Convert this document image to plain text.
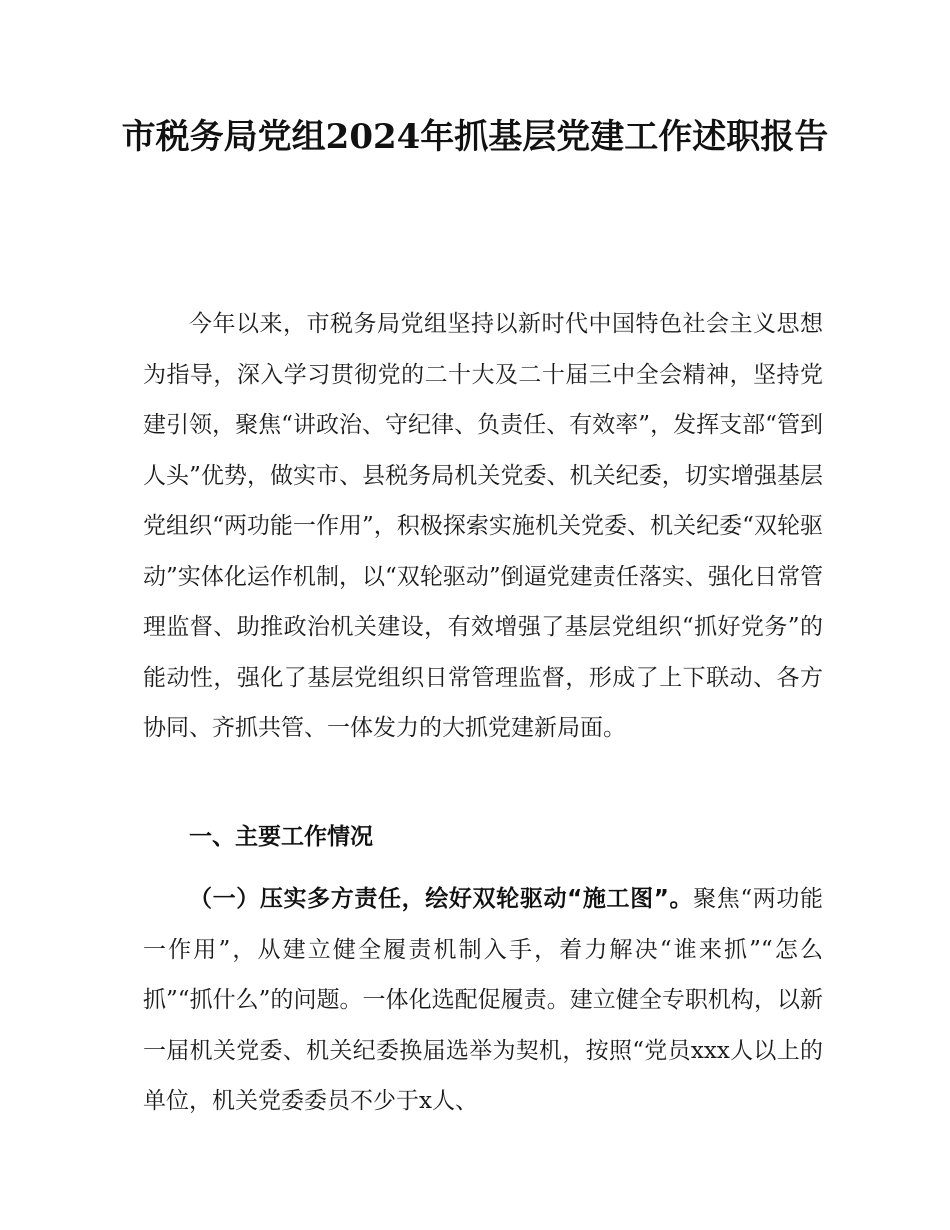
市税务局党组2024年抓基层党建工作述职报告

今年以来，市税务局党组坚持以新时代中国特色社会主义思想为指导，深入学习贯彻党的二十大及二十届三中全会精神，坚持党建引领，聚焦“讲政治、守纪律、负责任、有效率”，发挥支部“管到人头”优势，做实市、县税务局机关党委、机关纪委，切实增强基层党组织“两功能一作用”，积极探索实施机关党委、机关纪委“双轮驱动”实体化运作机制，以“双轮驱动”倒逼党建责任落实、强化日常管理监督、助推政治机关建设，有效增强了基层党组织“抓好党务”的能动性，强化了基层党组织日常管理监督，形成了上下联动、各方协同、齐抓共管、一体发力的大抓党建新局面。

一、主要工作情况

（一）压实多方责任，绘好双轮驱动“施工图”。聚焦“两功能一作用”，从建立健全履责机制入手，着力解决“谁来抓”“怎么抓”“抓什么”的问题。一体化选配促履责。建立健全专职机构，以新一届机关党委、机关纪委换届选举为契机，按照“党员xxx人以上的单位，机关党委委员不少于x人、
